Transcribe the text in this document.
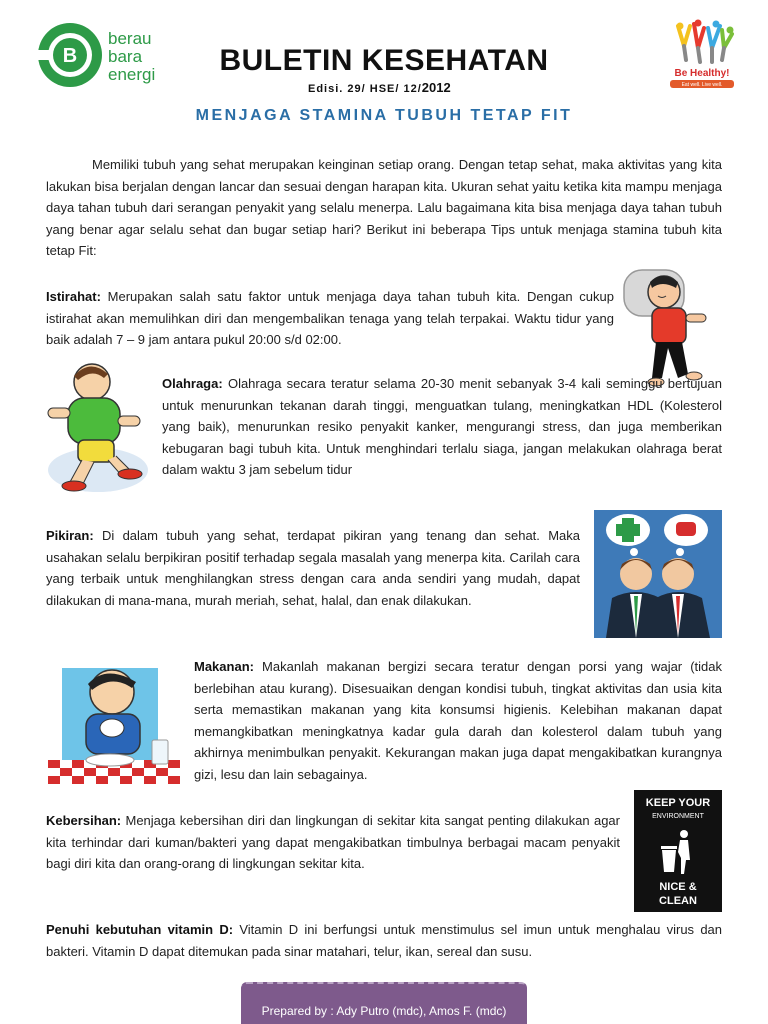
B
berau
bara
energi	BULETIN KESEHATAN
Edisi. 29/ HSE/ 12/2012
MENJAGA STAMINA TUBUH TETAP FIT
Be Healthy!
Eat well. Live well.
Memiliki tubuh yang sehat merupakan keinginan setiap orang. Dengan tetap sehat, maka aktivitas yang kita lakukan bisa berjalan dengan lancar dan sesuai dengan harapan kita. Ukuran sehat yaitu ketika kita mampu menjaga daya tahan tubuh dari serangan penyakit yang selalu menerpa. Lalu bagaimana kita bisa menjaga daya tahan tubuh yang benar agar selalu sehat dan bugar setiap hari? Berikut ini beberapa Tips untuk menjaga stamina tubuh kita tetap Fit:
Istirahat: Merupakan salah satu faktor untuk menjaga daya tahan tubuh kita. Dengan cukup istirahat akan memulihkan diri dan mengembalikan tenaga yang telah terpakai. Waktu tidur yang baik adalah 7 – 9 jam antara pukul 20:00 s/d 02:00.
Olahraga: Olahraga secara teratur selama 20-30 menit sebanyak 3-4 kali seminggu bertujuan untuk menurunkan tekanan darah tinggi, menguatkan tulang, meningkatkan HDL (Kolesterol yang baik), menurunkan resiko penyakit kanker, mengurangi stress, dan juga memberikan kebugaran bagi tubuh kita. Untuk menghindari terlalu siaga, jangan melakukan olahraga berat dalam waktu 3 jam sebelum tidur
Pikiran: Di dalam tubuh yang sehat, terdapat pikiran yang tenang dan sehat. Maka usahakan selalu berpikiran positif terhadap segala masalah yang menerpa kita. Carilah cara yang terbaik untuk menghilangkan stress dengan cara anda sendiri yang mudah, dapat dilakukan di mana-mana, murah meriah, sehat, halal, dan enak dilakukan.
Makanan: Makanlah makanan bergizi secara teratur dengan porsi yang wajar (tidak berlebihan atau kurang). Disesuaikan dengan kondisi tubuh, tingkat aktivitas dan usia kita serta memastikan makanan yang kita konsumsi higienis. Kelebihan makanan dapat memangkibatkan meningkatnya kadar gula darah dan kolesterol dalam tubuh yang akhirnya menimbulkan penyakit. Kekurangan makan juga dapat mengakibatkan kurangnya gizi, lesu dan lain sebagainya.
Kebersihan: Menjaga kebersihan diri dan lingkungan di sekitar kita sangat penting dilakukan agar kita terhindar dari kuman/bakteri yang dapat mengakibatkan timbulnya berbagai macam penyakit bagi diri kita dan orang-orang di lingkungan sekitar kita.
KEEP YOUR
ENVIRONMENT
NICE &
CLEAN
Penuhi kebutuhan vitamin D: Vitamin D ini berfungsi untuk menstimulus sel imun untuk menghalau virus dan bakteri. Vitamin D dapat ditemukan pada sinar matahari, telur, ikan, sereal dan susu.
Prepared by : Ady Putro (mdc), Amos F. (mdc)
